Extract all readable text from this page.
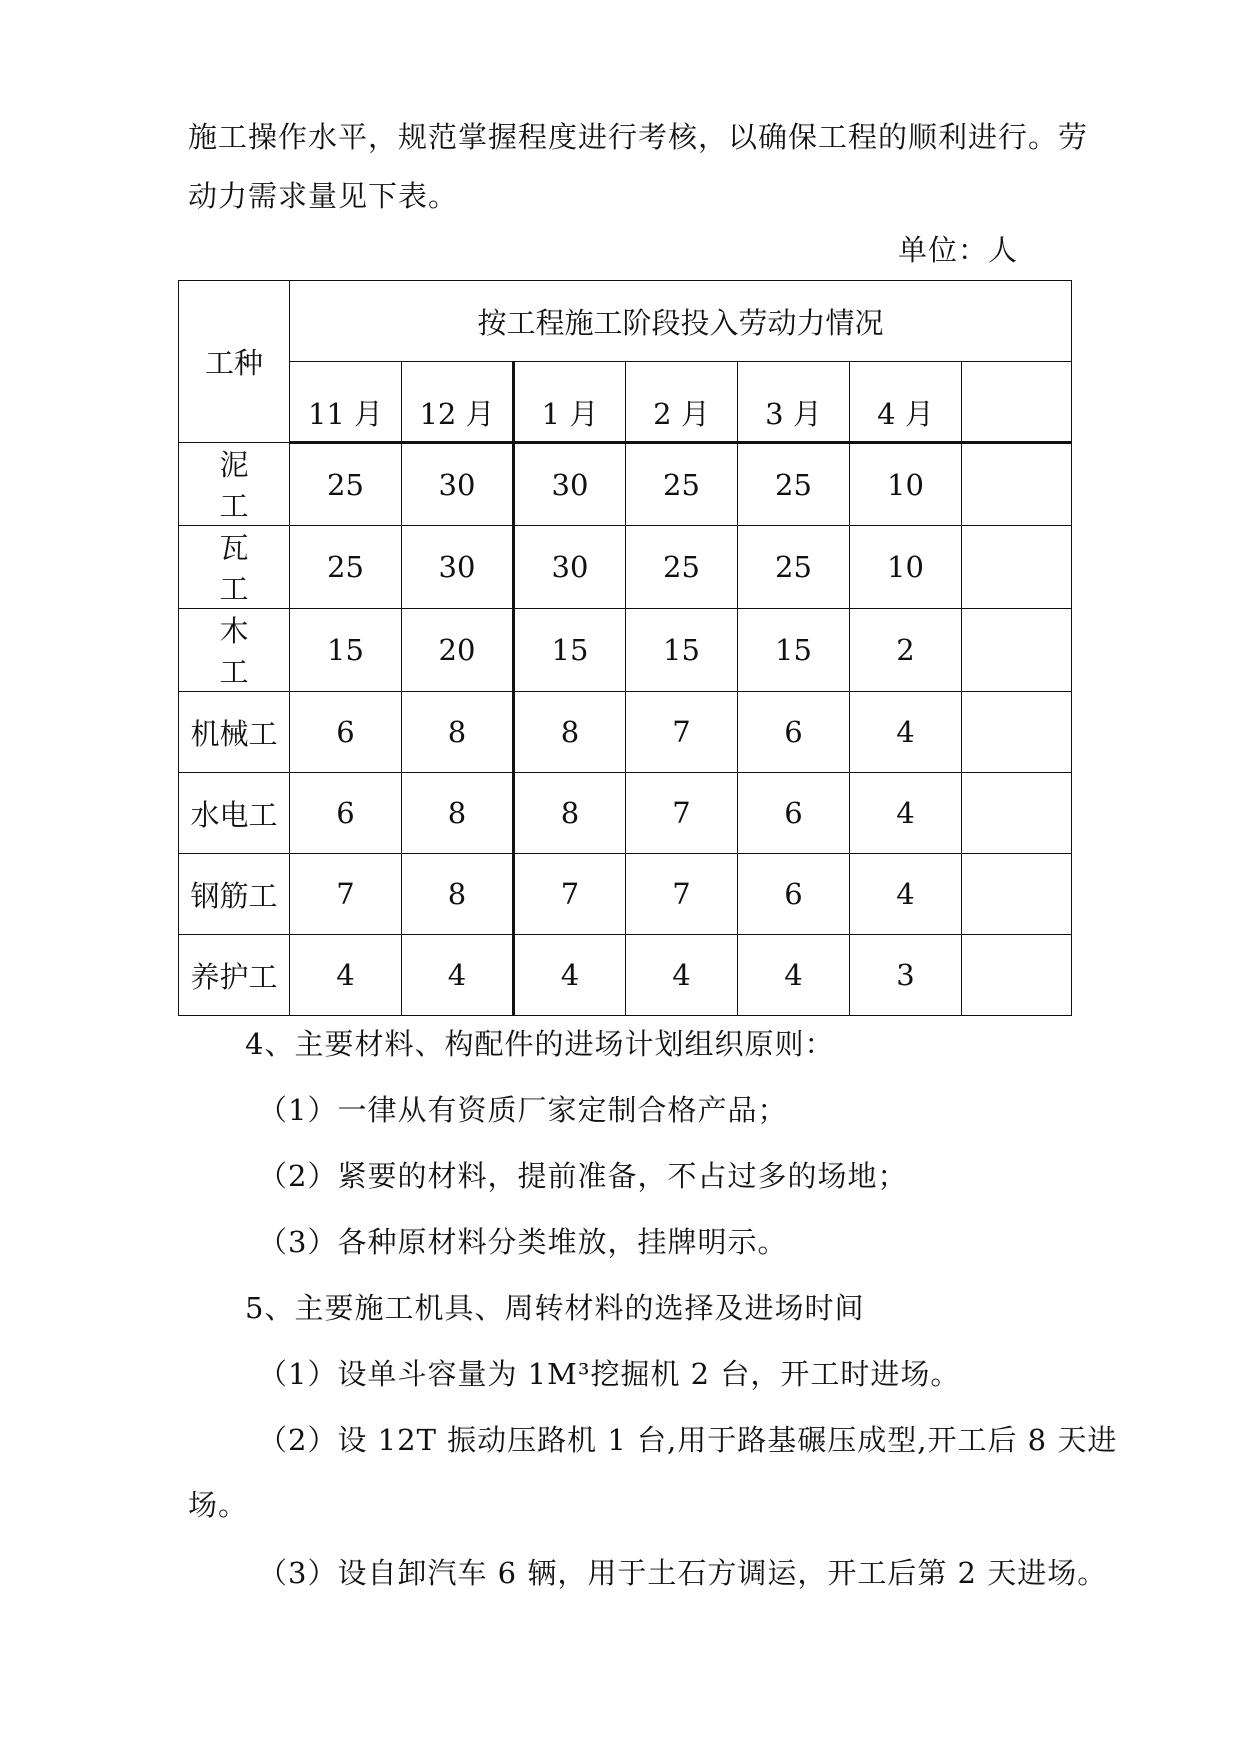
施工操作水平，规范掌握程度进行考核，以确保工程的顺利进行。劳
动力需求量见下表。
单位：人
工种	按工程施工阶段投入劳动力情况						
	11 月	12 月	1 月	2 月	3 月	4 月	
泥工	25	30	30	25	25	10	
瓦工	25	30	30	25	25	10	
木工	15	20	15	15	15	2	
机械工	6	8	8	7	6	4	
水电工	6	8	8	7	6	4	
钢筋工	7	8	7	7	6	4	
养护工	4	4	4	4	4	3	
4、主要材料、构配件的进场计划组织原则：
（1）一律从有资质厂家定制合格产品；
（2）紧要的材料，提前准备，不占过多的场地；
（3）各种原材料分类堆放，挂牌明示。
5、主要施工机具、周转材料的选择及进场时间
（1）设单斗容量为 1M³挖掘机 2 台，开工时进场。
（2）设 12T 振动压路机 1 台,用于路基碾压成型,开工后 8 天进
场。
（3）设自卸汽车 6 辆，用于土石方调运，开工后第 2 天进场。
